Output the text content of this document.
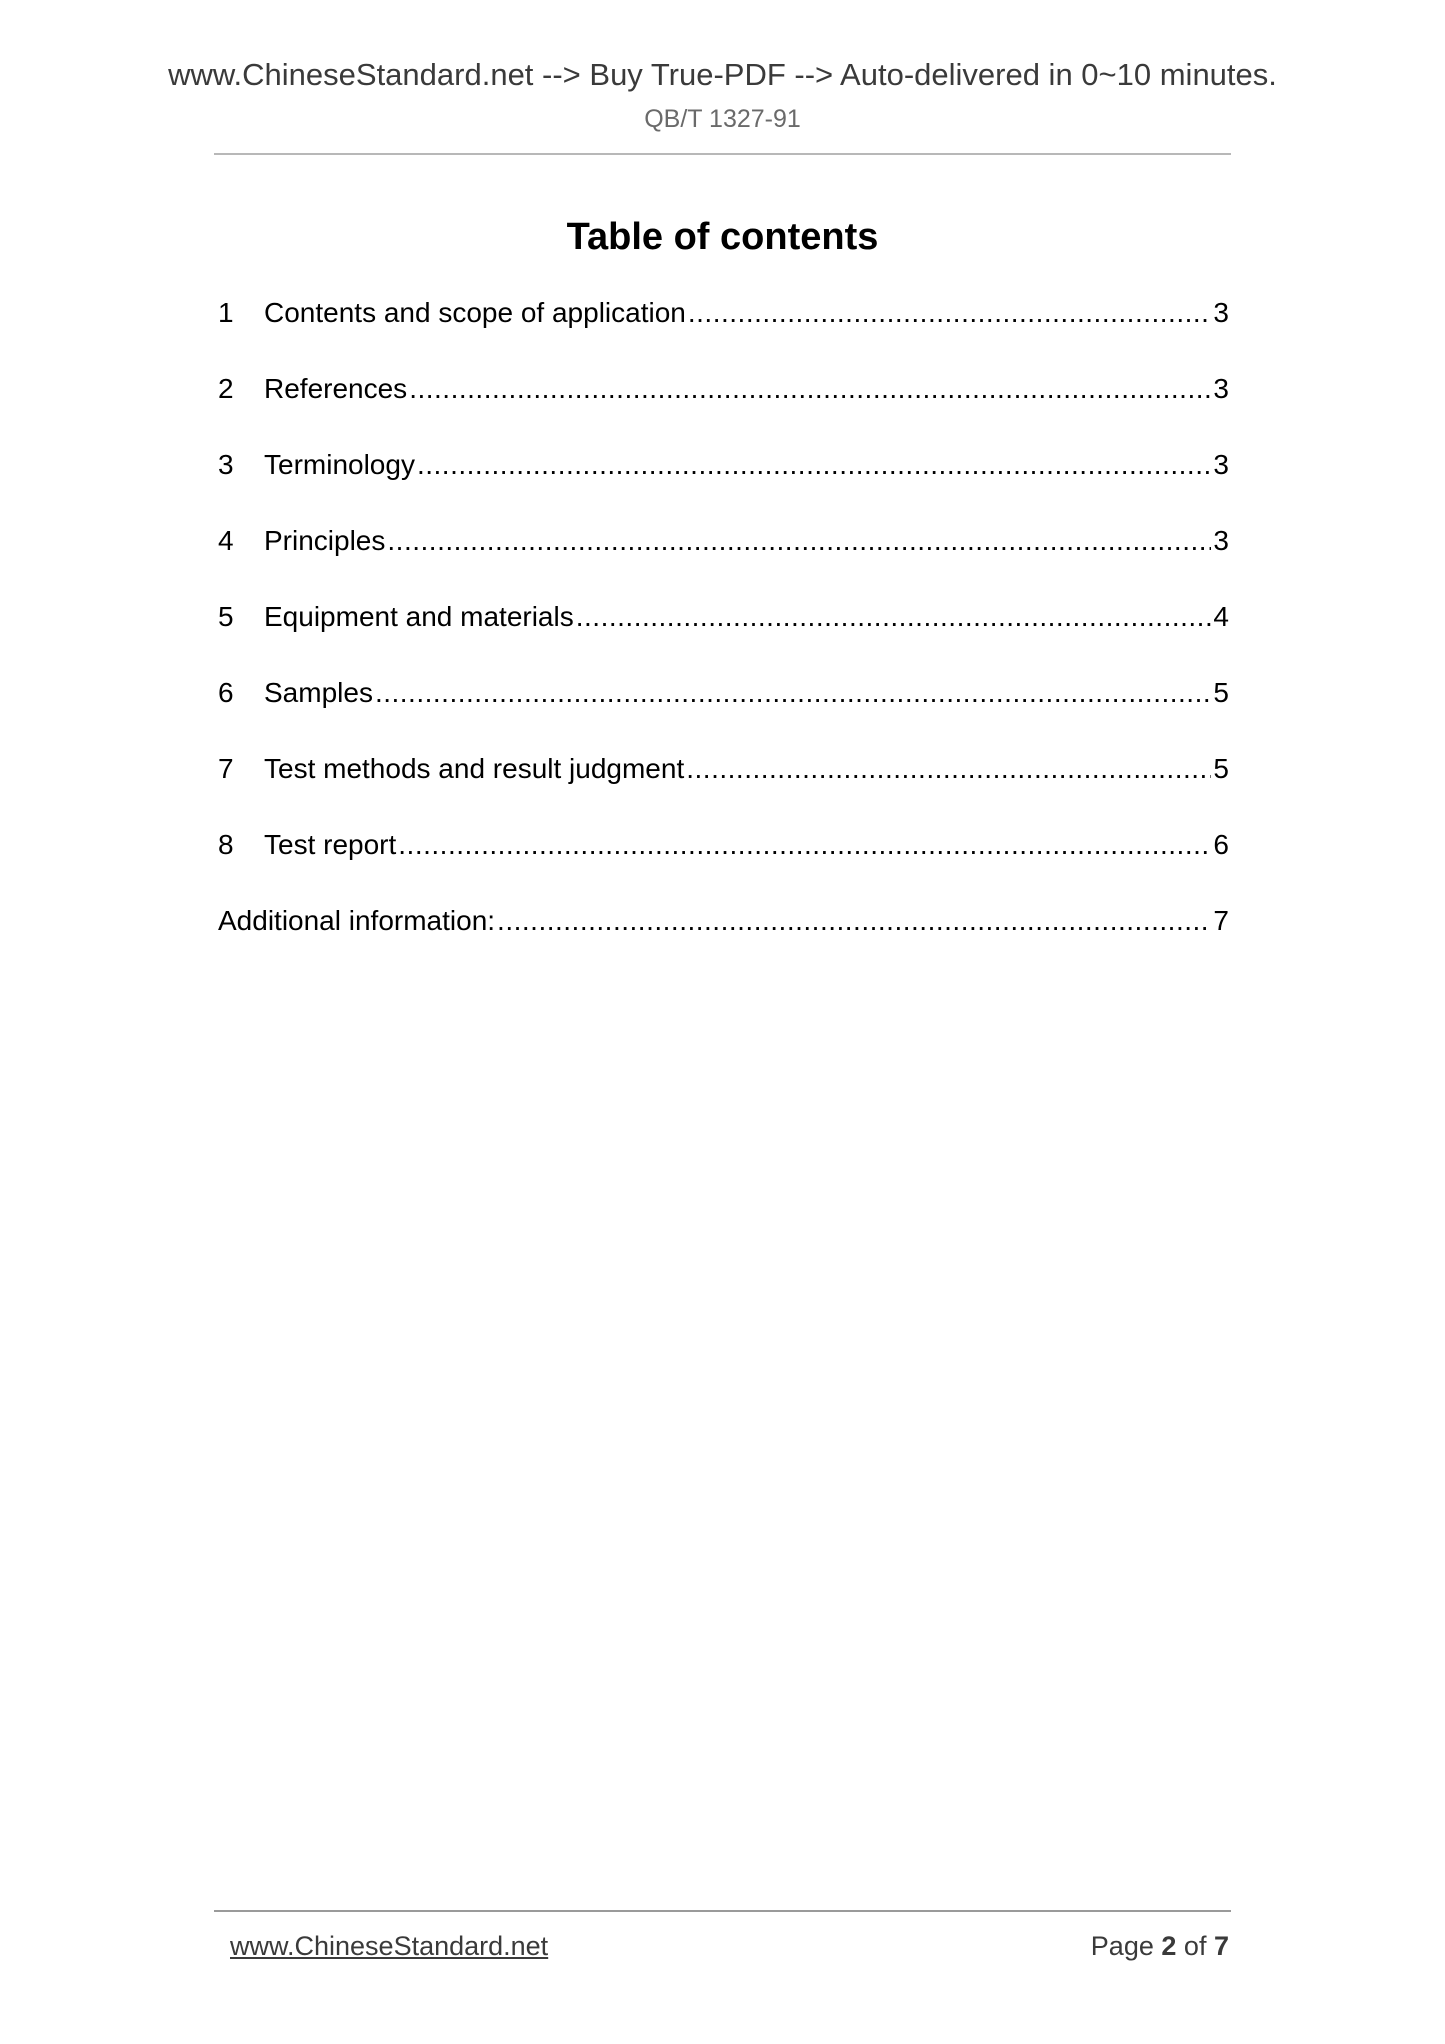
www.ChineseStandard.net --> Buy True-PDF --> Auto-delivered in 0~10 minutes.
QB/T 1327-91
Table of contents
1	Contents and scope of application .....	3
2	References .....	3
3	Terminology .....	3
4	Principles .....	3
5	Equipment and materials .....	4
6	Samples .....	5
7	Test methods and result judgment .....	5
8	Test report .....	6
Additional information: .....	7
www.ChineseStandard.net	Page 2 of 7
